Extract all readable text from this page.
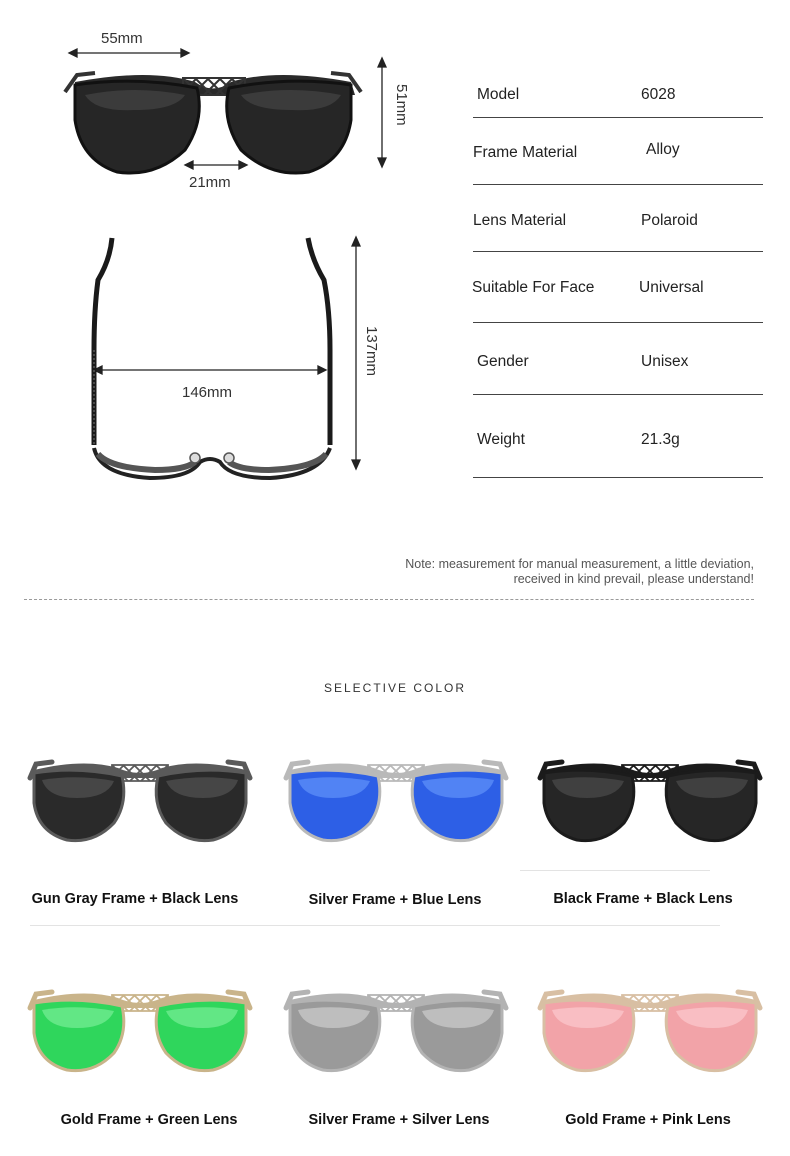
55mm
21mm
51mm
146mm
137mm
Model	6028
Frame Material	Alloy
Lens Material	Polaroid
Suitable For Face	Universal
Gender	Unisex
Weight	21.3g
Note: measurement for manual measurement, a little deviation,
received in kind prevail, please understand!
SELECTIVE COLOR
Gun Gray Frame + Black Lens	Silver Frame + Blue Lens	Black Frame + Black Lens
Gold Frame + Green Lens	Silver Frame + Silver Lens	Gold Frame + Pink Lens
